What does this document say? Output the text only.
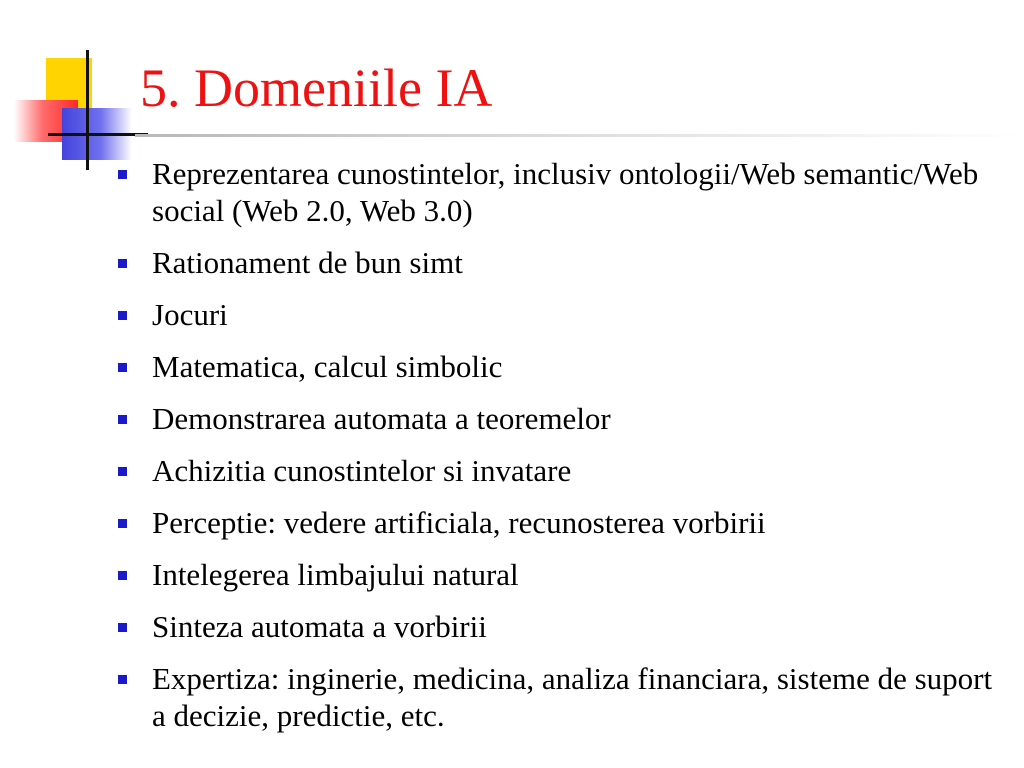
5. Domeniile IA
Reprezentarea cunostintelor, inclusiv ontologii/Web semantic/Web social (Web 2.0, Web 3.0)
Rationament de bun simt
Jocuri
Matematica, calcul simbolic
Demonstrarea automata a teoremelor
Achizitia cunostintelor si invatare
Perceptie: vedere artificiala, recunosterea vorbirii
Intelegerea limbajului natural
Sinteza automata a vorbirii
Expertiza: inginerie, medicina, analiza financiara, sisteme de suport a decizie, predictie, etc.
